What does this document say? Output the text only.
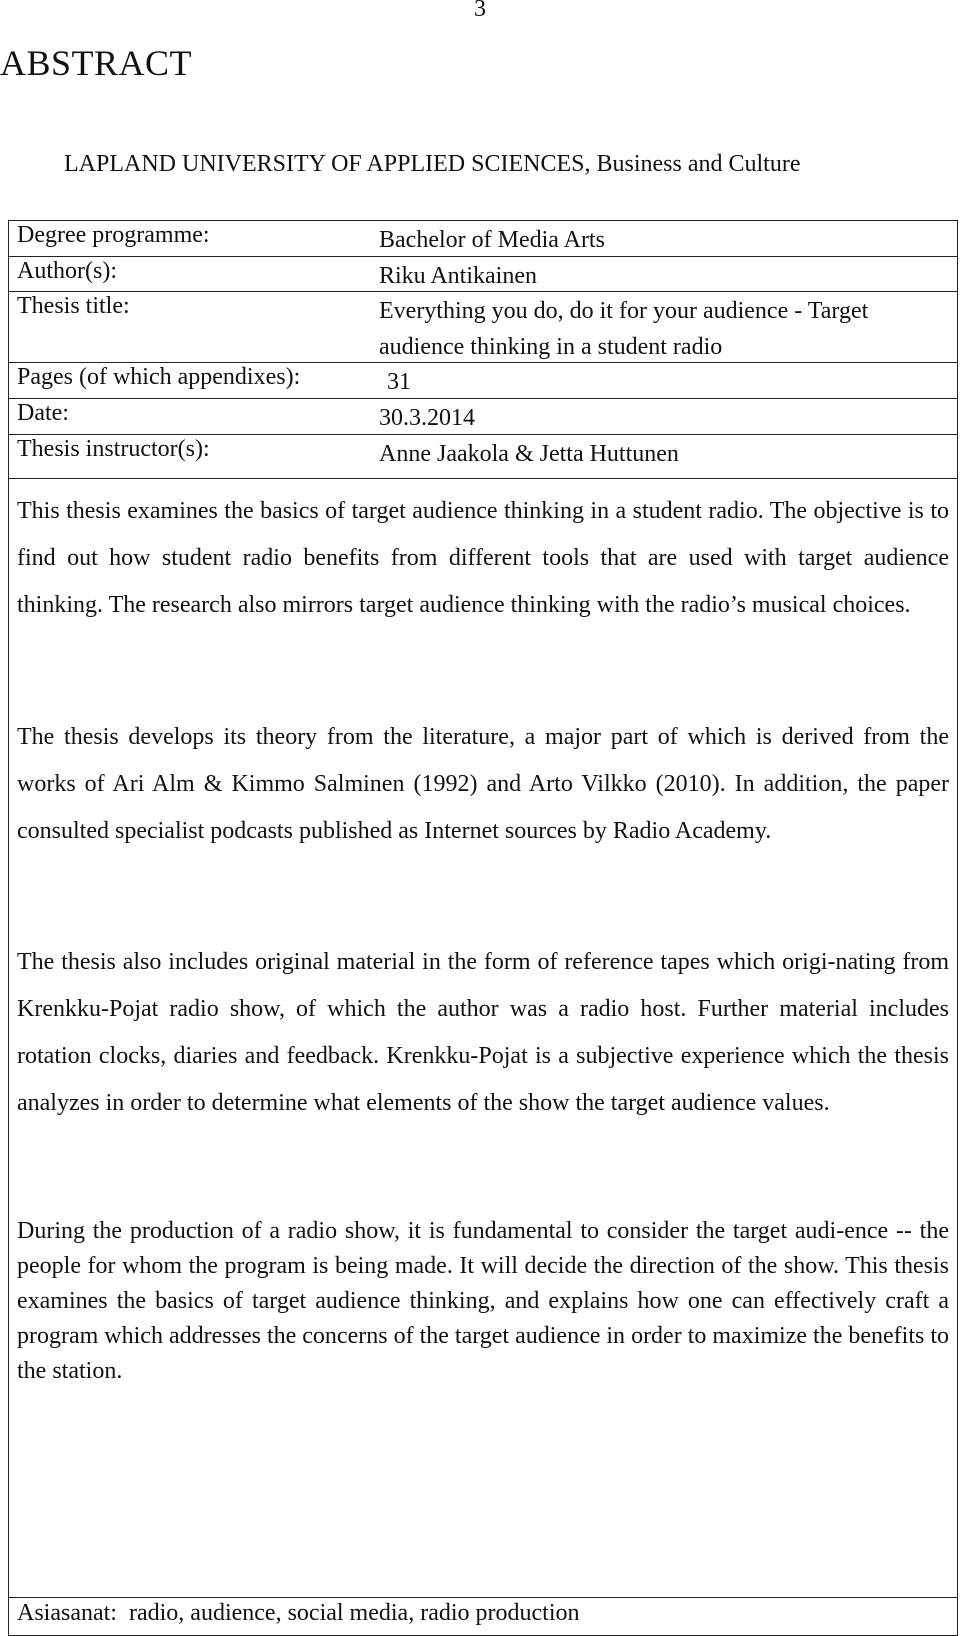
3
ABSTRACT
LAPLAND UNIVERSITY OF APPLIED SCIENCES, Business and Culture
Degree programme:	Bachelor of Media Arts
Author(s):	Riku Antikainen
Thesis title:	Everything you do, do it for your audience - Target audience thinking in a student radio
Pages (of which appendixes):	31
Date:	30.3.2014
Thesis instructor(s):	Anne Jaakola & Jetta Huttunen
This thesis examines the basics of target audience thinking in a student radio. The objective is to find out how student radio benefits from different tools that are used with target audience thinking. The research also mirrors target audience thinking with the radio’s musical choices.
The thesis develops its theory from the literature, a major part of which is derived from the works of Ari Alm & Kimmo Salminen (1992) and Arto Vilkko (2010). In addition, the paper consulted specialist podcasts published as Internet sources by Radio Academy.
The thesis also includes original material in the form of reference tapes which origi-nating from Krenkku-Pojat radio show, of which the author was a radio host. Further material includes rotation clocks, diaries and feedback. Krenkku-Pojat is a subjective experience which the thesis analyzes in order to determine what elements of the show the target audience values.
During the production of a radio show, it is fundamental to consider the target audi-ence -- the people for whom the program is being made. It will decide the direction of the show. This thesis examines the basics of target audience thinking, and explains how one can effectively craft a program which addresses the concerns of the target audience in order to maximize the benefits to the station.
Asiasanat: radio, audience, social media, radio production
